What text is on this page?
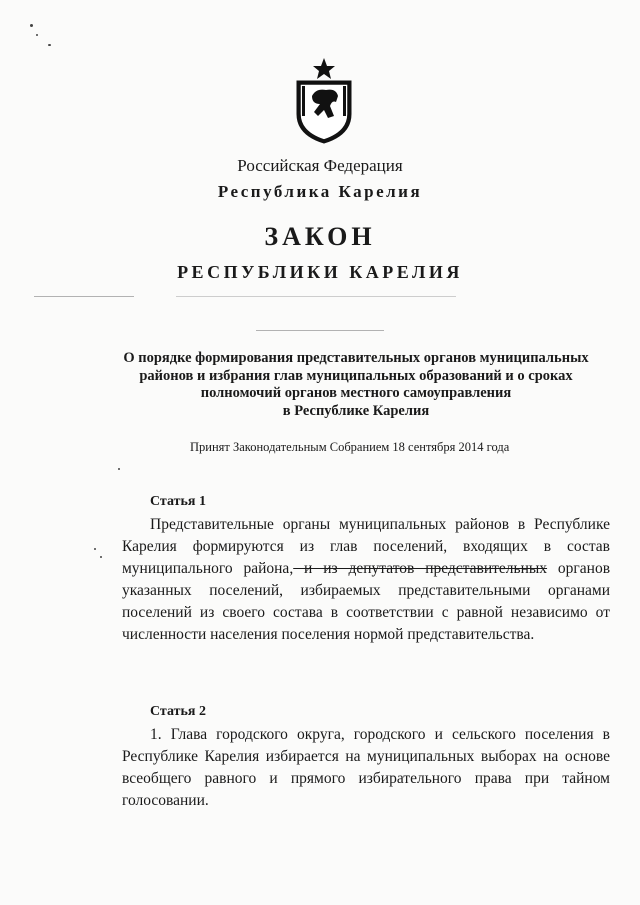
Российская Федерация
Республика Карелия
ЗАКОН
РЕСПУБЛИКИ КАРЕЛИЯ
О порядке формирования представительных органов муниципальных
районов и избрания глав муниципальных образований и о сроках
полномочий органов местного самоуправления
в Республике Карелия
Принят Законодательным Собранием 18 сентября 2014 года
Статья 1
Представительные органы муниципальных районов в Республике Карелия формируются из глав поселений, входящих в состав муниципального района, и из депутатов представительных органов указанных поселений, избираемых представительными органами поселений из своего состава в соответствии с равной независимо от численности населения поселения нормой представительства.
Статья 2
1. Глава городского округа, городского и сельского поселения в Республике Карелия избирается на муниципальных выборах на основе всеобщего равного и прямого избирательного права при тайном голосовании.
